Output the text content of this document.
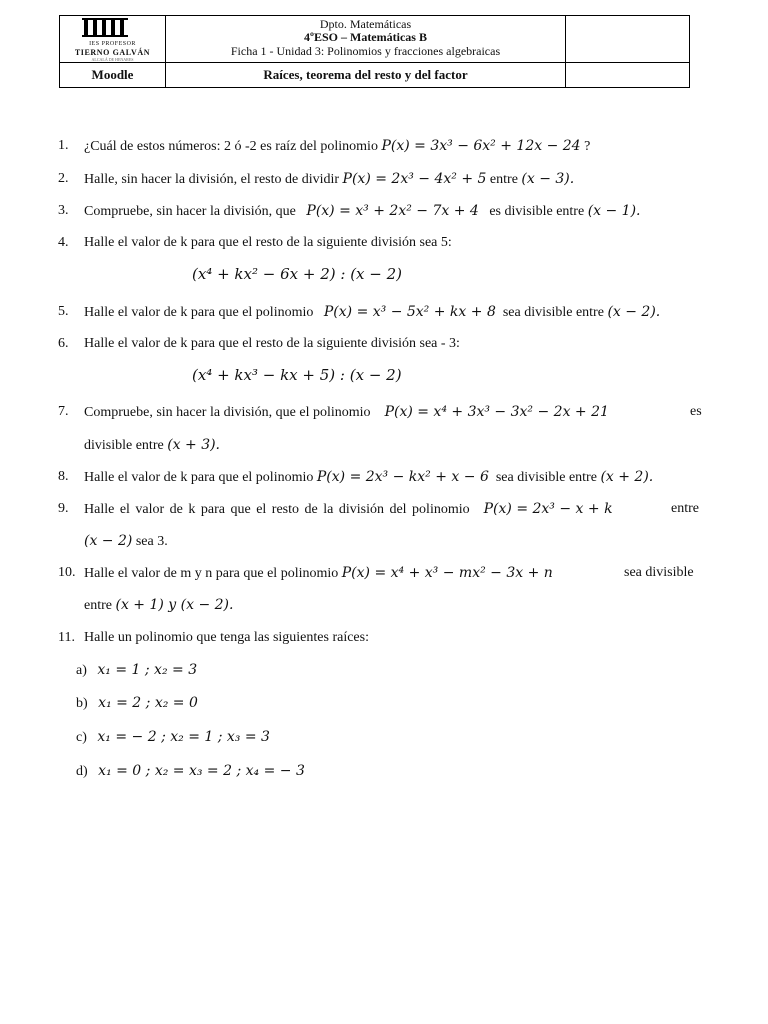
IES PROFESOR
TIERNO GALVÁN
ALCALÁ DE HENARES
Dpto. Matemáticas
4ºESO – Matemáticas B
Ficha 1 - Unidad 3: Polinomios y fracciones algebraicas
Moodle	Raíces, teorema del resto y del factor
1. ¿Cuál de estos números: 2 ó -2 es raíz del polinomio P(x) = 3x³ − 6x² + 12x − 24 ?
2. Halle, sin hacer la división, el resto de dividir P(x) = 2x³ − 4x² + 5 entre (x − 3).
3. Compruebe, sin hacer la división, que P(x) = x³ + 2x² − 7x + 4 es divisible entre (x − 1).
4. Halle el valor de k para que el resto de la siguiente división sea 5:
(x⁴ + kx² − 6x + 2) : (x − 2)
5. Halle el valor de k para que el polinomio P(x) = x³ − 5x² + kx + 8 sea divisible entre (x − 2).
6. Halle el valor de k para que el resto de la siguiente división sea - 3:
(x⁴ + kx³ − kx + 5) : (x − 2)
7. Compruebe, sin hacer la división, que el polinomio P(x) = x⁴ + 3x³ − 3x² − 2x + 21	es
divisible entre (x + 3).
8. Halle el valor de k para que el polinomio P(x) = 2x³ − kx² + x − 6 sea divisible entre (x + 2).
9. Halle el valor de k para que el resto de la división del polinomio P(x) = 2x³ − x + k	entre
(x − 2) sea 3.
10. Halle el valor de m y n para que el polinomio P(x) = x⁴ + x³ − mx² − 3x + n	sea divisible
entre (x + 1) y (x − 2).
11. Halle un polinomio que tenga las siguientes raíces:
a) x₁ = 1 ; x₂ = 3
b) x₁ = 2 ; x₂ = 0
c) x₁ = − 2 ; x₂ = 1 ; x₃ = 3
d) x₁ = 0 ; x₂ = x₃ = 2 ; x₄ = − 3
